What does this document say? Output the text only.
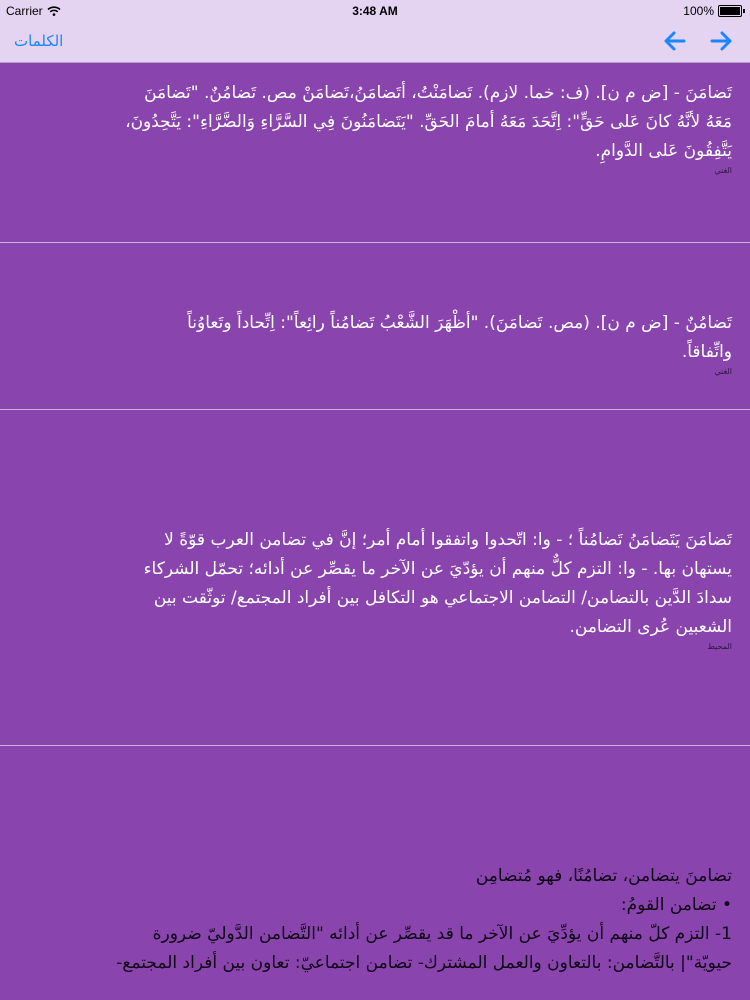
Carrier	3:48 AM	100%
الكلمات

تَضامَنَ - [ض م ن]. (ف: خما. لازم). تَضامَنْتُ، أتَضامَنُ،تَضامَنْ مص. تَضامُنٌ. "تَضامَنَ
مَعَهُ لأنَّهُ كانَ عَلى حَقٍّ": اِتَّحَدَ مَعَهُ أمامَ الحَقِّ. "يَتَضامَنُونَ فِي السَّرَّاءِ وَالضَّرَّاءِ": يَتَّحِدُونَ،
يَتَّفِقُونَ عَلى الدَّوامِ.

الغني

تَضامُنٌ - [ض م ن]. (مص. تَضامَنَ). "أظْهَرَ الشَّعْبُ تَضامُناً رائِعاً": اِتِّحاداً وتَعاوُناً
واتِّفاقاً.

الغني

تَضامَنَ يَتَضامَنُ تَضامُناً ؛ - وا: اتّحدوا واتفقوا أمام أمر؛ إنَّ في تضامن العرب قوّةً لا
يستهان بها. - وا: التزم كلٌّ منهم أن يؤدّيَ عن الآخر ما يقصِّر عن أدائه؛ تحمّل الشركاء
سدادَ الدَّين بالتضامن/ التضامن الاجتماعي هو التكافل بين أفراد المجتمع/ توثّقت بين
الشعبين عُرى التضامن.

المحيط

تضامنَ يتضامن، تضامُنًا، فهو مُتضامِن
• تضامن القومُ:
1- التزم كلّ منهم أن يؤدِّيَ عن الآخر ما قد يقصِّر عن أدائه "التَّضامن الدَّوليّ ضرورة
حيويّة"| بالتَّضامن: بالتعاون والعمل المشترك- تضامن اجتماعيّ: تعاون بين أفراد المجتمع-
